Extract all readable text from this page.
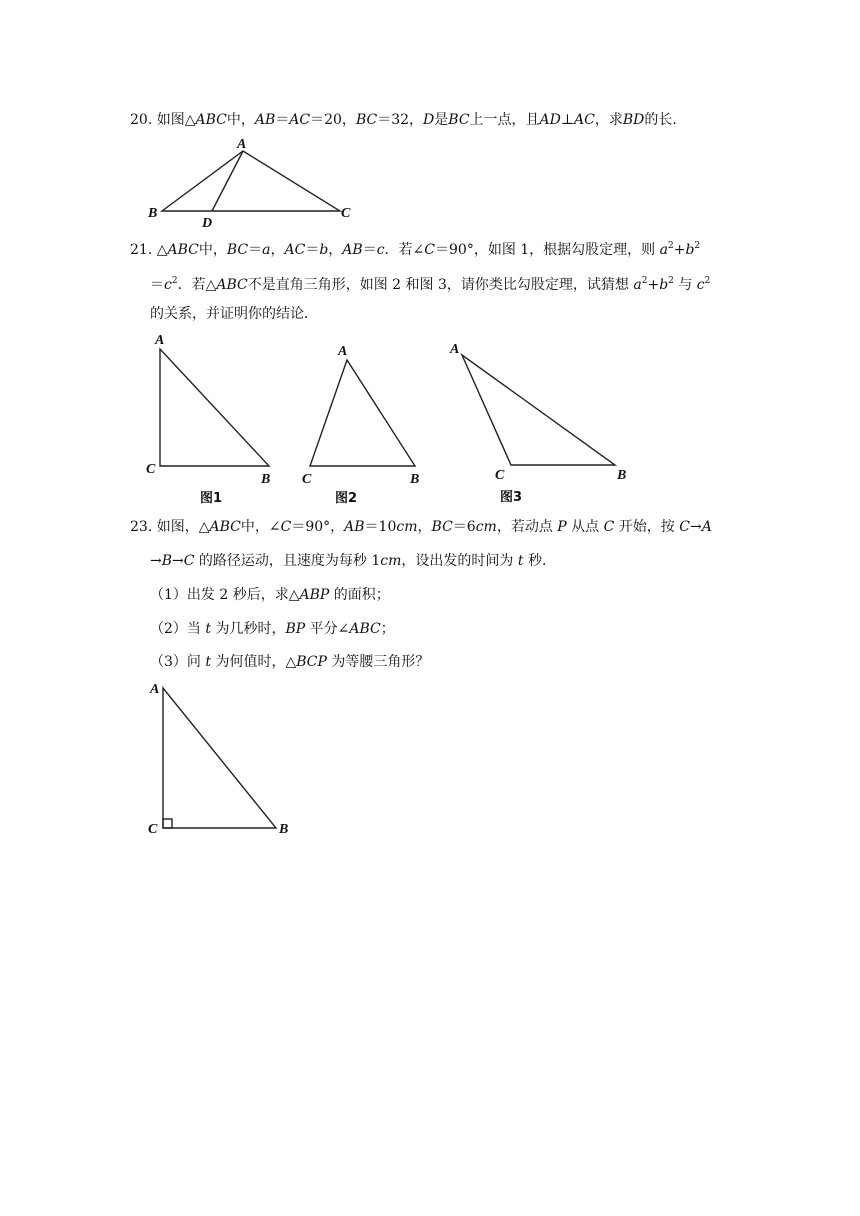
20. 如图△ABC中，AB＝AC＝20，BC＝32，D是BC上一点，且AD⊥AC，求BD的长．
A
B	C
D
21. △ABC中，BC＝a，AC＝b，AB＝c．若∠C＝90°，如图 1，根据勾股定理，则 $a^2+b^2$
$=c^2$．若△ABC不是直角三角形，如图 2 和图 3，请你类比勾股定理，试猜想 $a^2+b^2$ 与 $c^2$
的关系，并证明你的结论．
A
C
B
图1
A
C	B
图2
A
C	B
图3
23. 如图，△ABC中，∠C＝90°，AB＝10cm，BC＝6cm，若动点 P 从点 C 开始，按 C→A
→B→C 的路径运动，且速度为每秒 1cm，设出发的时间为 t 秒．
（1）出发 2 秒后，求△ABP 的面积；
（2）当 t 为几秒时，BP 平分∠ABC；
（3）问 t 为何值时，△BCP 为等腰三角形？
A
C	B
